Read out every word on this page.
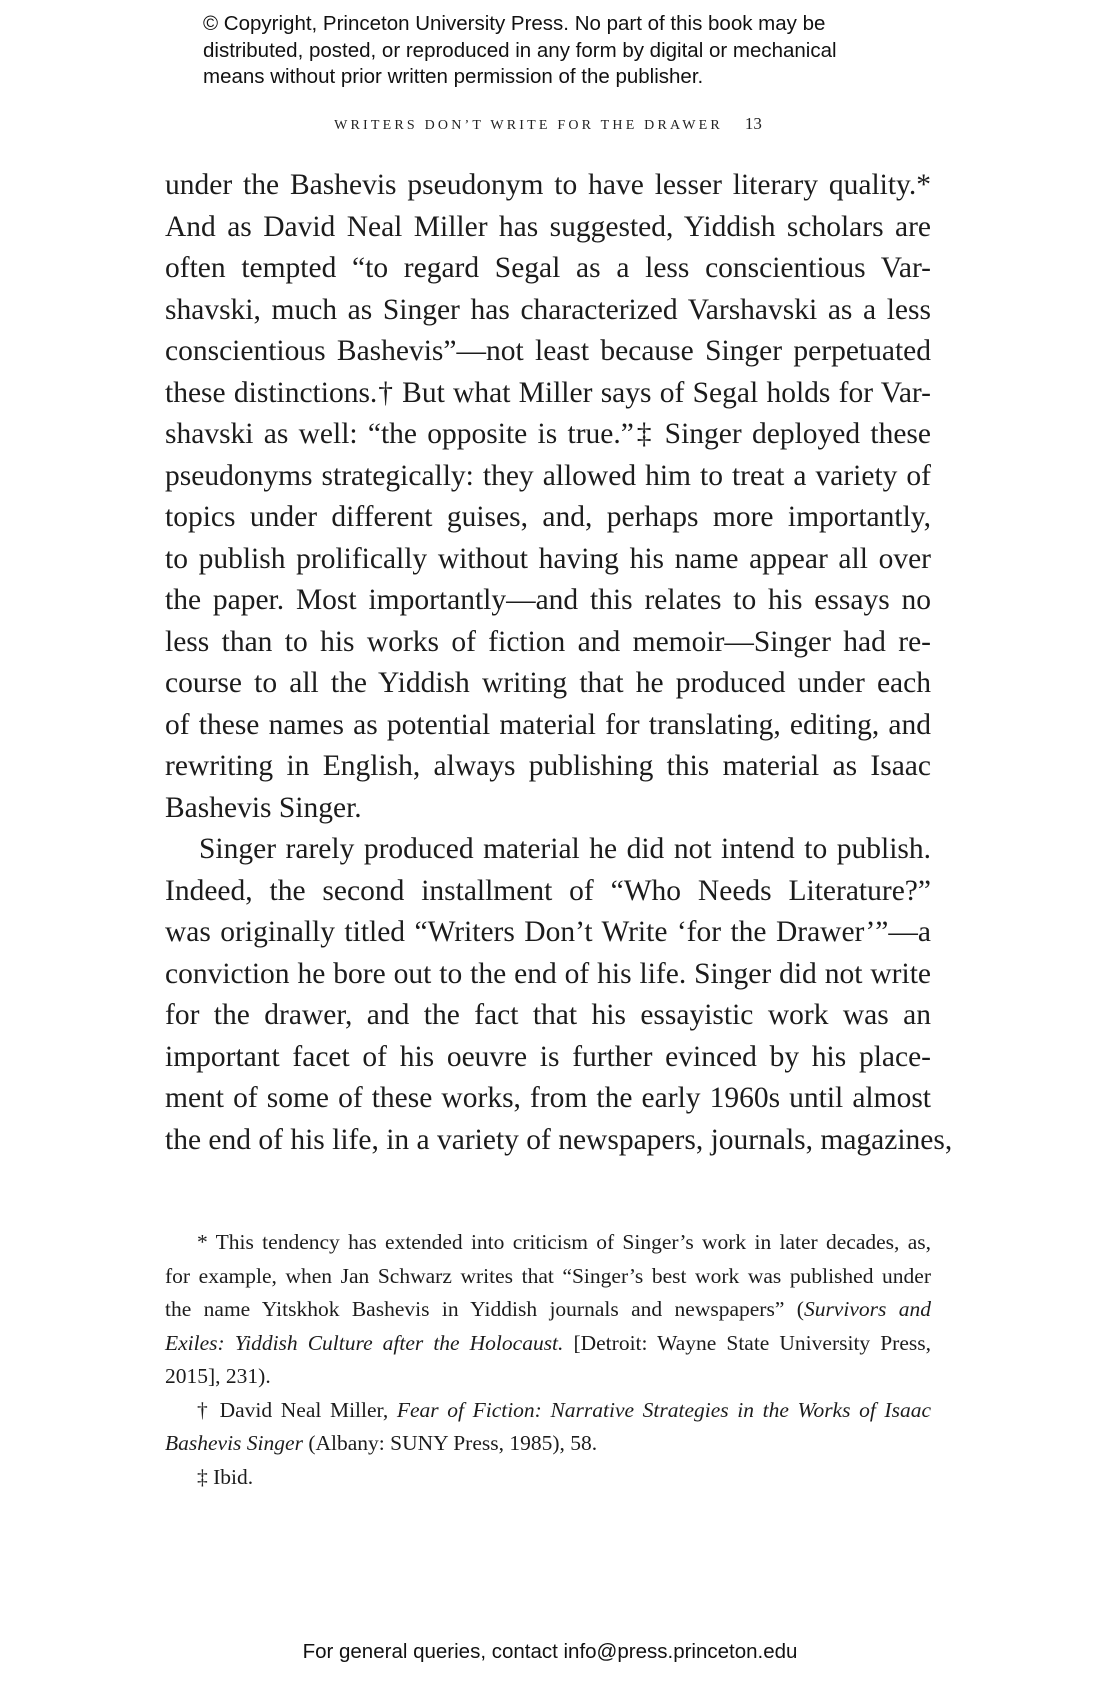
© Copyright, Princeton University Press. No part of this book may be
distributed, posted, or reproduced in any form by digital or mechanical
means without prior written permission of the publisher.
WRITERS DON’T WRITE FOR THE DRAWER 13
under the Bashevis pseudonym to have lesser literary quality.*
And as David Neal Miller has suggested, Yiddish scholars are
often tempted “to regard Segal as a less conscientious Var-
shavski, much as Singer has characterized Varshavski as a less
conscientious Bashevis”—not least because Singer perpetuated
these distinctions.† But what Miller says of Segal holds for Var-
shavski as well: “the opposite is true.”‡ Singer deployed these
pseudonyms strategically: they allowed him to treat a variety of
topics under different guises, and, perhaps more importantly,
to publish prolifically without having his name appear all over
the paper. Most importantly—and this relates to his essays no
less than to his works of fiction and memoir—Singer had re-
course to all the Yiddish writing that he produced under each
of these names as potential material for translating, editing, and
rewriting in English, always publishing this material as Isaac
Bashevis Singer.
Singer rarely produced material he did not intend to publish.
Indeed, the second installment of “Who Needs Literature?”
was originally titled “Writers Don’t Write ‘for the Drawer’”—a
conviction he bore out to the end of his life. Singer did not write
for the drawer, and the fact that his essayistic work was an
important facet of his oeuvre is further evinced by his place-
ment of some of these works, from the early 1960s until almost
the end of his life, in a variety of newspapers, journals, magazines,
* This tendency has extended into criticism of Singer’s work in later decades, as,
for example, when Jan Schwarz writes that “Singer’s best work was published under
the name Yitskhok Bashevis in Yiddish journals and newspapers” (Survivors and
Exiles: Yiddish Culture after the Holocaust. [Detroit: Wayne State University Press,
2015], 231).
† David Neal Miller, Fear of Fiction: Narrative Strategies in the Works of Isaac
Bashevis Singer (Albany: SUNY Press, 1985), 58.
‡ Ibid.
For general queries, contact info@press.princeton.edu
